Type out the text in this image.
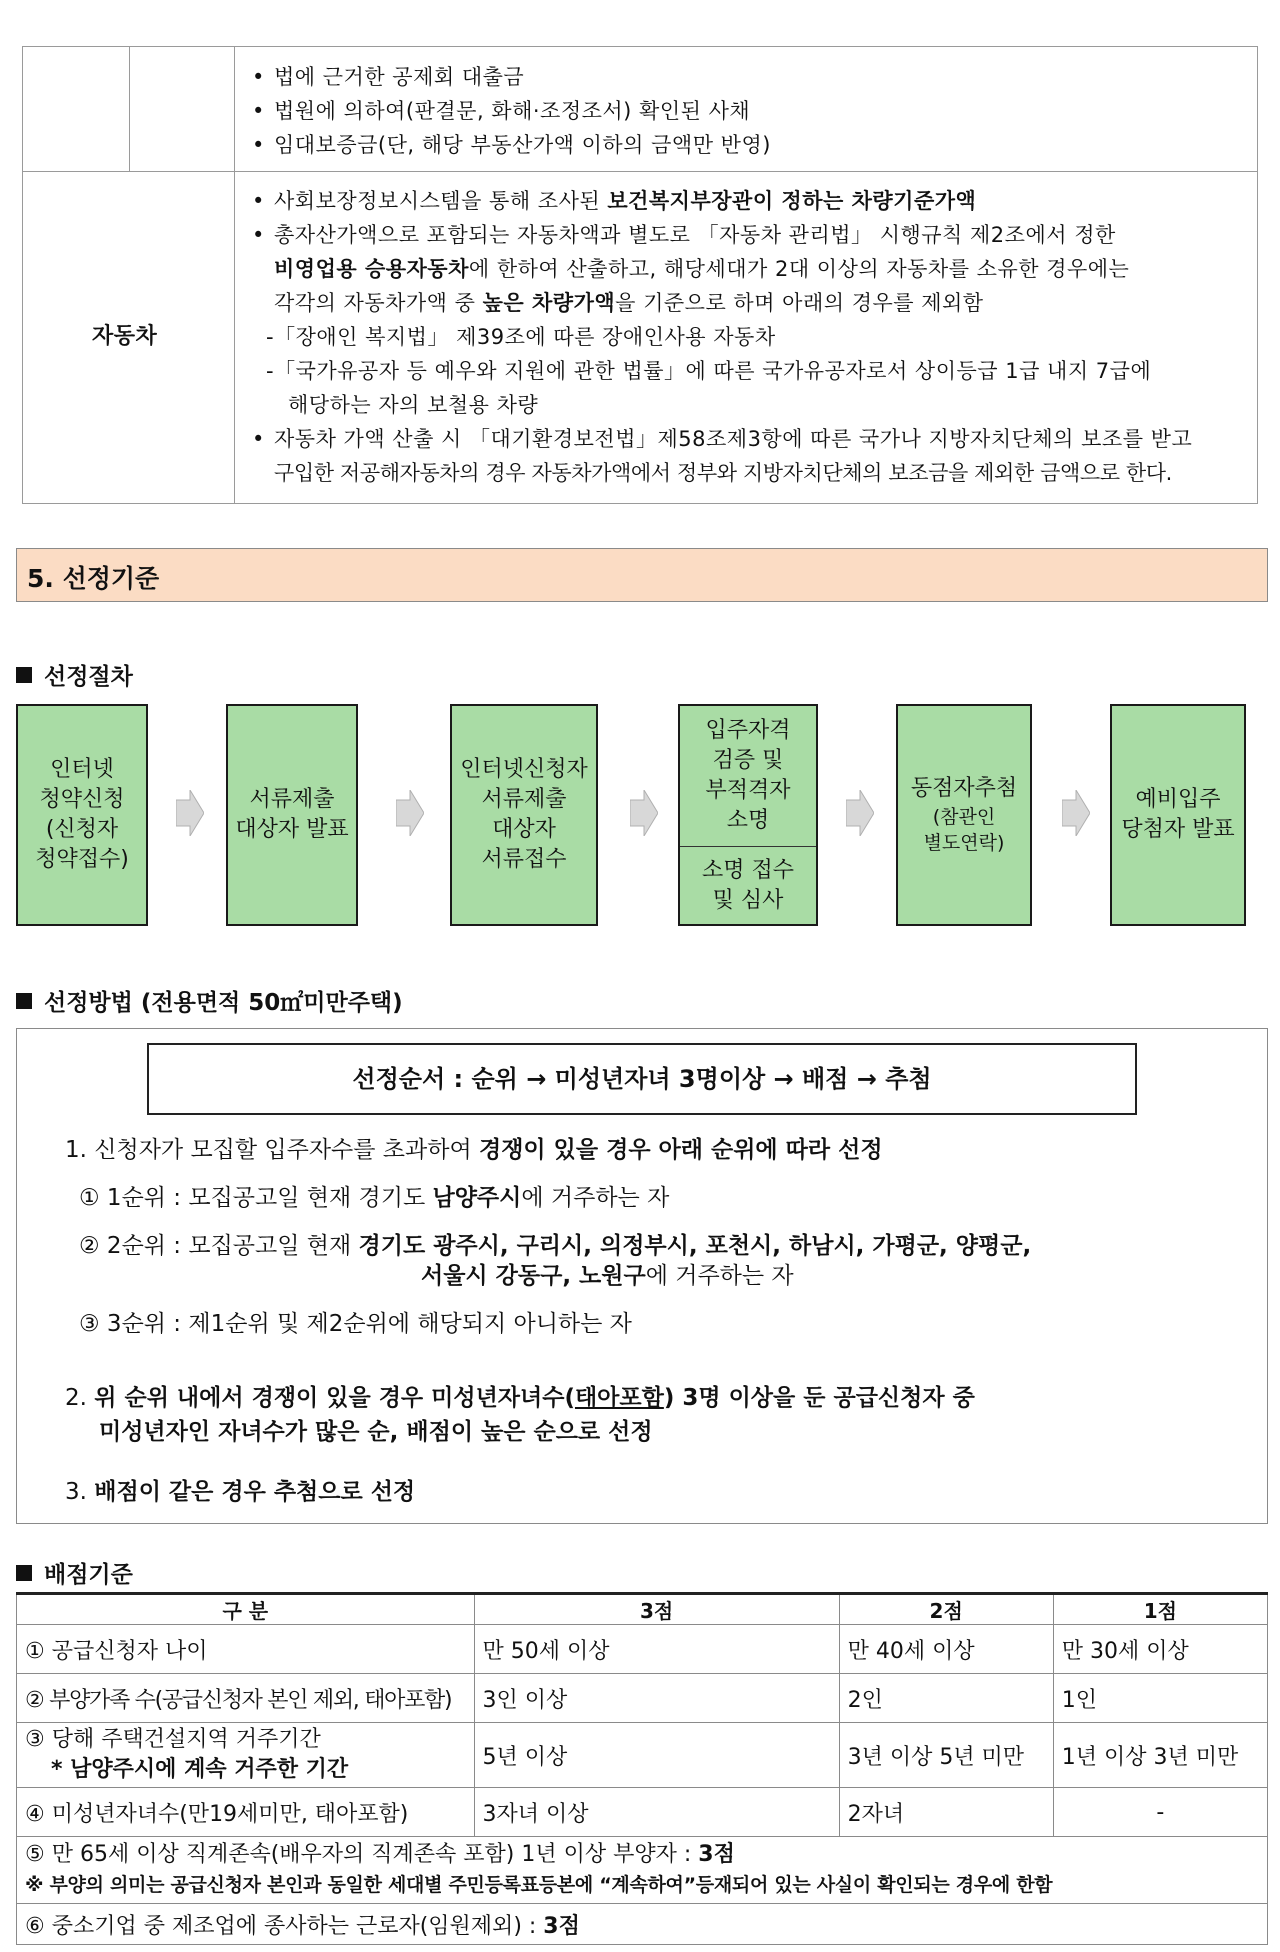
• 법에 근거한 공제회 대출금
• 법원에 의하여(판결문, 화해·조정조서) 확인된 사채
• 임대보증금(단, 해당 부동산가액 이하의 금액만 반영)
자동차
• 사회보장정보시스템을 통해 조사된 보건복지부장관이 정하는 차량기준가액
• 총자산가액으로 포함되는 자동차액과 별도로 「자동차 관리법」 시행규칙 제2조에서 정한
비영업용 승용자동차에 한하여 산출하고, 해당세대가 2대 이상의 자동차를 소유한 경우에는
각각의 자동차가액 중 높은 차량가액을 기준으로 하며 아래의 경우를 제외함
-「장애인 복지법」 제39조에 따른 장애인사용 자동차
-「국가유공자 등 예우와 지원에 관한 법률」에 따른 국가유공자로서 상이등급 1급 내지 7급에
해당하는 자의 보철용 차량
• 자동차 가액 산출 시 「대기환경보전법」제58조제3항에 따른 국가나 지방자치단체의 보조를 받고
구입한 저공해자동차의 경우 자동차가액에서 정부와 지방자치단체의 보조금을 제외한 금액으로 한다.
5. 선정기준
선정절차
인터넷
청약신청
(신청자
청약접수)
서류제출
대상자 발표
인터넷신청자
서류제출
대상자
서류접수
입주자격
검증 및
부적격자
소명
소명 접수
및 심사
동점자추첨
(참관인
별도연락)
예비입주
당첨자 발표
선정방법 (전용면적 50㎡미만주택)
선정순서 : 순위 → 미성년자녀 3명이상 → 배점 → 추첨
1. 신청자가 모집할 입주자수를 초과하여 경쟁이 있을 경우 아래 순위에 따라 선정
① 1순위 : 모집공고일 현재 경기도 남양주시에 거주하는 자
② 2순위 : 모집공고일 현재 경기도 광주시, 구리시, 의정부시, 포천시, 하남시, 가평군, 양평군,
서울시 강동구, 노원구에 거주하는 자
③ 3순위 : 제1순위 및 제2순위에 해당되지 아니하는 자
2. 위 순위 내에서 경쟁이 있을 경우 미성년자녀수(태아포함) 3명 이상을 둔 공급신청자 중
미성년자인 자녀수가 많은 순, 배점이 높은 순으로 선정
3. 배점이 같은 경우 추첨으로 선정
배점기준
구 분	3점	2점	1점
① 공급신청자 나이	만 50세 이상	만 40세 이상	만 30세 이상
② 부양가족 수(공급신청자 본인 제외, 태아포함)	3인 이상	2인	1인

③ 당해 주택건설지역 거주기간
* 남양주시에 계속 거주한 기간	5년 이상	3년 이상 5년 미만	1년 이상 3년 미만
④ 미성년자녀수(만19세미만, 태아포함)	3자녀 이상	2자녀	-

⑤ 만 65세 이상 직계존속(배우자의 직계존속 포함) 1년 이상 부양자 : 3점
※ 부양의 의미는 공급신청자 본인과 동일한 세대별 주민등록표등본에 “계속하여”등재되어 있는 사실이 확인되는 경우에 한함			

⑥ 중소기업 중 제조업에 종사하는 근로자(임원제외) : 3점			
